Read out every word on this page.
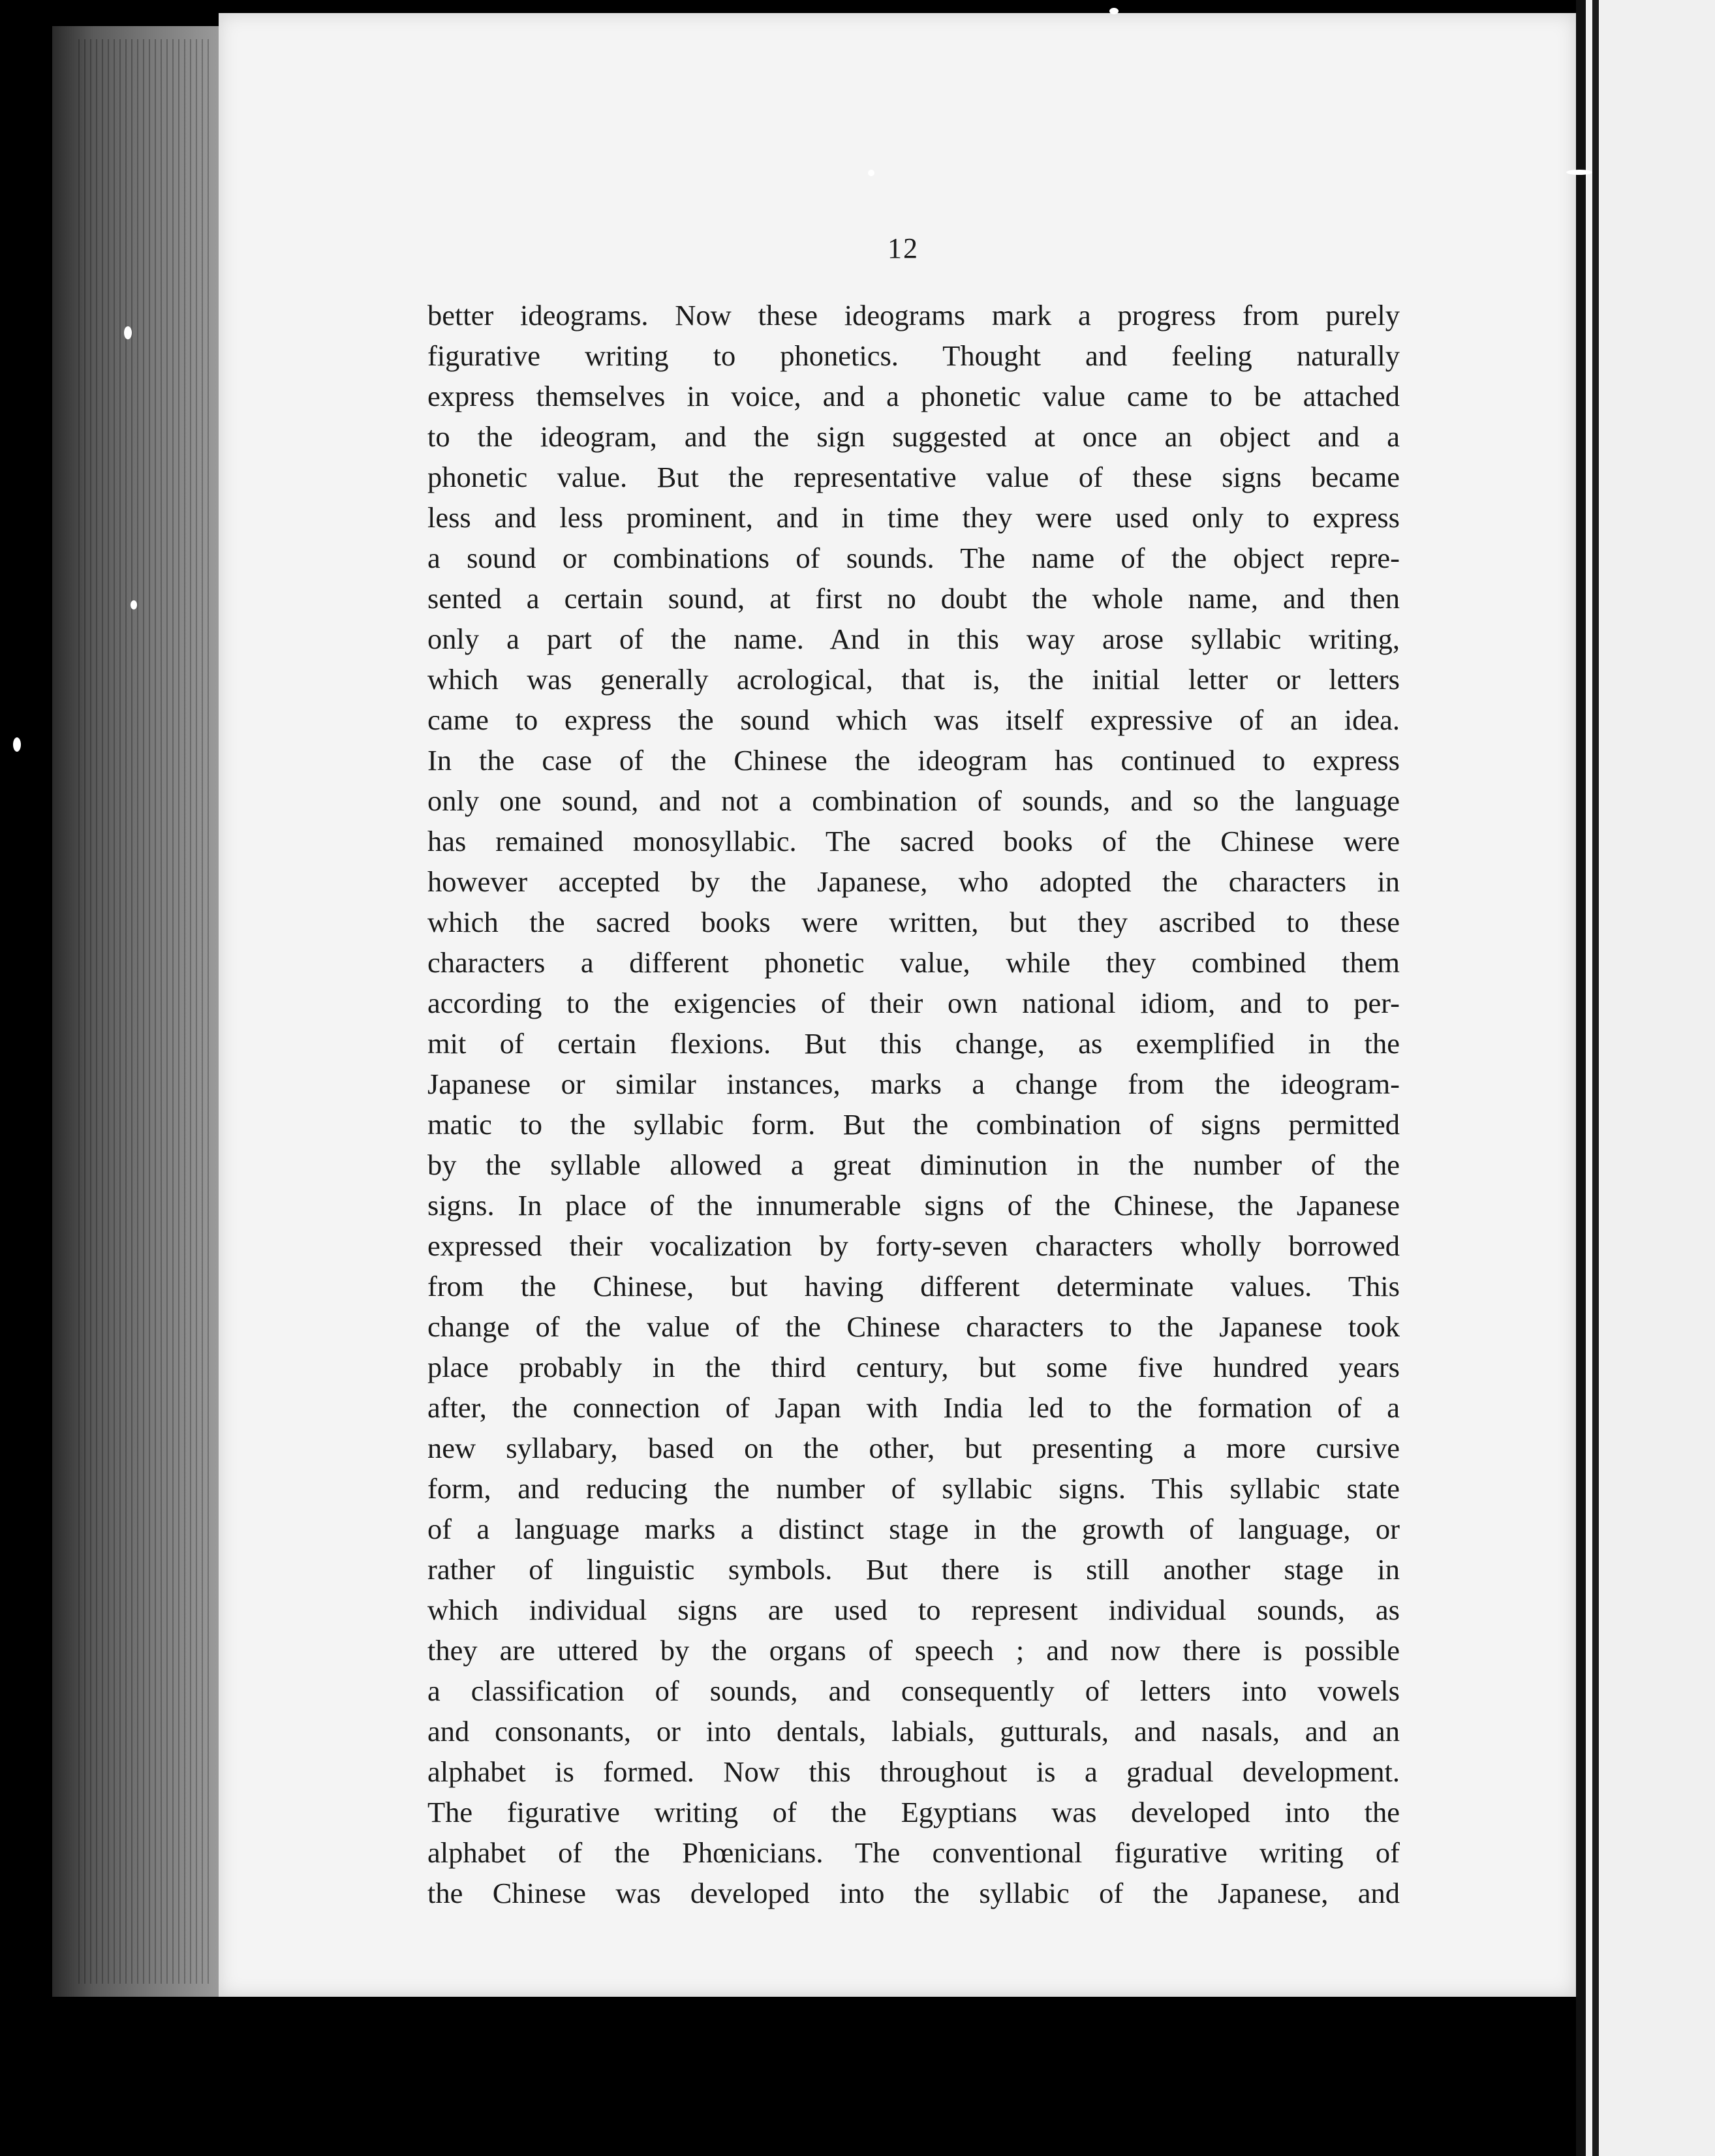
12
better ideograms. Now these ideograms mark a progress from purely
figurative writing to phonetics. Thought and feeling naturally
express themselves in voice, and a phonetic value came to be attached
to the ideogram, and the sign suggested at once an object and a
phonetic value. But the representative value of these signs became
less and less prominent, and in time they were used only to express
a sound or combinations of sounds. The name of the object repre-
sented a certain sound, at first no doubt the whole name, and then
only a part of the name. And in this way arose syllabic writing,
which was generally acrological, that is, the initial letter or letters
came to express the sound which was itself expressive of an idea.
In the case of the Chinese the ideogram has continued to express
only one sound, and not a combination of sounds, and so the language
has remained monosyllabic. The sacred books of the Chinese were
however accepted by the Japanese, who adopted the characters in
which the sacred books were written, but they ascribed to these
characters a different phonetic value, while they combined them
according to the exigencies of their own national idiom, and to per-
mit of certain flexions. But this change, as exemplified in the
Japanese or similar instances, marks a change from the ideogram-
matic to the syllabic form. But the combination of signs permitted
by the syllable allowed a great diminution in the number of the
signs. In place of the innumerable signs of the Chinese, the Japanese
expressed their vocalization by forty-seven characters wholly borrowed
from the Chinese, but having different determinate values. This
change of the value of the Chinese characters to the Japanese took
place probably in the third century, but some five hundred years
after, the connection of Japan with India led to the formation of a
new syllabary, based on the other, but presenting a more cursive
form, and reducing the number of syllabic signs. This syllabic state
of a language marks a distinct stage in the growth of language, or
rather of linguistic symbols. But there is still another stage in
which individual signs are used to represent individual sounds, as
they are uttered by the organs of speech ; and now there is possible
a classification of sounds, and consequently of letters into vowels
and consonants, or into dentals, labials, gutturals, and nasals, and an
alphabet is formed. Now this throughout is a gradual development.
The figurative writing of the Egyptians was developed into the
alphabet of the Phœnicians. The conventional figurative writing of
the Chinese was developed into the syllabic of the Japanese, and
